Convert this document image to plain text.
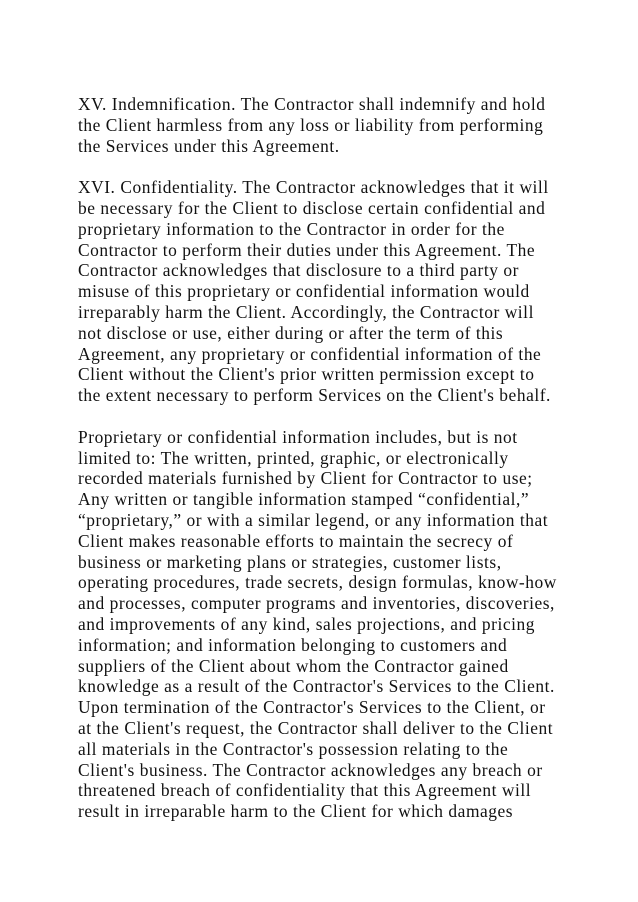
XV. Indemnification. The Contractor shall indemnify and hold
the Client harmless from any loss or liability from performing
the Services under this Agreement.
XVI. Confidentiality. The Contractor acknowledges that it will
be necessary for the Client to disclose certain confidential and
proprietary information to the Contractor in order for the
Contractor to perform their duties under this Agreement. The
Contractor acknowledges that disclosure to a third party or
misuse of this proprietary or confidential information would
irreparably harm the Client. Accordingly, the Contractor will
not disclose or use, either during or after the term of this
Agreement, any proprietary or confidential information of the
Client without the Client's prior written permission except to
the extent necessary to perform Services on the Client's behalf.
Proprietary or confidential information includes, but is not
limited to: The written, printed, graphic, or electronically
recorded materials furnished by Client for Contractor to use;
Any written or tangible information stamped “confidential,”
“proprietary,” or with a similar legend, or any information that
Client makes reasonable efforts to maintain the secrecy of
business or marketing plans or strategies, customer lists,
operating procedures, trade secrets, design formulas, know-how
and processes, computer programs and inventories, discoveries,
and improvements of any kind, sales projections, and pricing
information; and information belonging to customers and
suppliers of the Client about whom the Contractor gained
knowledge as a result of the Contractor's Services to the Client.
Upon termination of the Contractor's Services to the Client, or
at the Client's request, the Contractor shall deliver to the Client
all materials in the Contractor's possession relating to the
Client's business. The Contractor acknowledges any breach or
threatened breach of confidentiality that this Agreement will
result in irreparable harm to the Client for which damages
